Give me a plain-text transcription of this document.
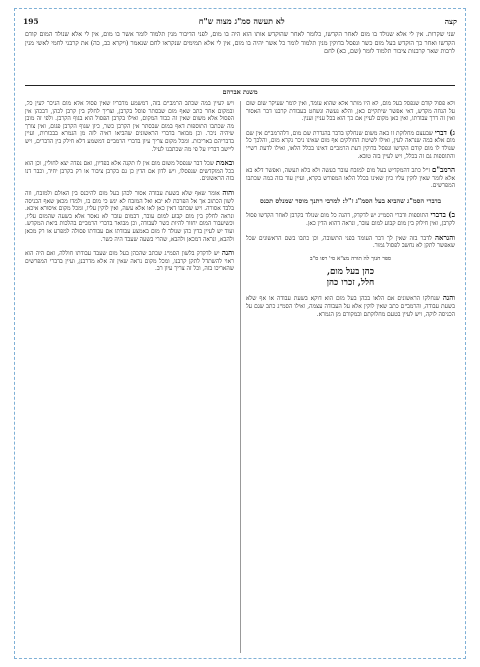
195	לא תעשה סמ"ג מצוה ש"ח	קצה
שני שקרות. אין לי אלא שנולד בו מום לאחר הקדשו, כלומר לאחר שהוקדש אותו הוא היה בו מום, לפני הדיבור מנין תלמוד לומר אשר בו מום, אין לי אלא שנולד המום קודם הקדשו ואחר כך הוקדש בעל מום כשר ונפסל בדוקין מנין תלמוד לומר כל אשר יהיה בו מום, אין לי אלא תמימים שנקראו לחם שנאמר (ויקרא כב, כה) את קרבני לחמי לאשי מנין לרבות שאר קרבנות ציבור תלמוד לומר (שם, כא) לחם
משנת אברהם

ולא פסול קודם שנפסל בעל מום, לא היו מותר אלא שהוא עומד, ואין לומר שעיקר שום שום על הנחה מקדש, דאי אפשר שיתקיים כאן, והלא נעשה ונשחט בעבודת קרבנו דבר האסור ואין זה דרך עבודתו, ואין כאן מקום לעיין אם כך הוא בכל עניין וענין.

ג) דברי שבעצם מחלוקת זו באה משום שנחלקו בדבר בהגדרת שם מום, דלהרמב"ם אין שם מום אלא במה שנראה לעין, ואילו לשיטת החולקים אף מום שאינו ניכר נקרא מום, והלכך כל שנולד לו מום קודם הקדשו ונפסל בדוקין דעת הרמב"ם דאינו בכלל הלאו, ואילו לדעת רש"י והתוספות גם זה בכלל, ויש לעיין בזה טובא.

הרמב"ם ז"ל כתב דהמקדיש בעל מום למזבח עובר בעשה ולא בלא תעשה, ואפשר דלא בא אלא לומר שאין לוקין עליו כיון שאינו בכלל הלאו המפורש בקרא, ועיין עוד בזה במה שכתבו המפרשים.

בדברי הסמ"ג שהביא בעל הסמ"ג ז"ל: למרבי רתנך מוסר שמנלס תכנס

ב) בדברי התוספות ודברי הסמ"ג יש לדקדק, דהנה כל מום שנולד בקרבן לאחר הקדשו פסול לקרבן, ואין חילוק בין מום קבוע למום עובר, ונראה דהוא הדין כאן.

והנראה לדבר בזה שאין לך דבר העומד בפני התשובה, וכן כתבו בשם הראשונים שכל שאפשר לתקן לא נחשב לפסול גמור.

ספר חנוך לה תורה מצ"א סי' רפו ס"ב
כהן בעל מום,
חלל, זכרו כהן

והנה שנחלקו הראשונים אם הלאו בכהן בעל מום הוא דוקא בשעת עבודה או אף שלא בשעת עבודה, והרמב"ם כתב שאין לוקין אלא על העבודה עצמה, ואילו הסמ"ג כתב שגם על הכניסה לוקה, ויש לעיין בטעם מחלוקתם ובמקורם מן הגמרא.

ויש לעיין במה שכתב הרמב"ם בזה, דמשמע מדבריו שאין פסול אלא מום הניכר לעין כל, ובמקום אחר כתב שאף מום שבסתר פוסל בקרבן, וצריך לחלק בין קרבן לכהן, דבכהן אין הפסול אלא משום שאין זה כבוד המקום, ואילו בקרבן הפסול הוא בגוף הקרבן. ולפי זה מובן מה שכתבו התוספות דאף במום שבסתר אין הקרבן כשר, כיון שגוף הקרבן פגום, ואין צורך שיהיה ניכר. וכן מבואר בדברי הראשונים שהביאו ראיה לזה מן הגמרא בבכורות, ועיין בדבריהם באריכות. ומכל מקום צריך עיון בדברי הרמב"ם דמשמע דלא חילק בין הדברים, ויש ליישב דבריו על פי מה שכתבנו לעיל.

ובאמת שכל דבר שנפסל משום מום אין לו תקנה אלא בפדיון, ואם נפדה יצא לחולין, וכן הוא בכל המוקדשים שנפסלו, ויש לדון אם הדין כן גם בקרבן ציבור או רק בקרבן יחיד, וכבר דנו בזה הראשונים.

והוה אומר שאף שלא בשעת עבודה אסור לכהן בעל מום להיכנס בין האולם ולמזבח, וזה לשון הכתוב אך אל הפרכת לא יבא ואל המזבח לא יגש כי מום בו, ולמדו מכאן שאף הכניסה בלבד אסורה. ויש שכתבו דאין כאן לאו אלא עשה, ואין לוקין עליו, ומכל מקום איסורא איכא. ונראה לחלק בין מום קבוע למום עובר, דבמום עובר לא נאסר אלא בשעה שהמום עליו, וכשיעבור המום יחזור להיות כשר לעבודה, וכן מבואר בדברי הרמב"ם בהלכות ביאת המקדש. ועוד יש לעיין בדין כהן שנולד לו מום באמצע עבודתו אם עבודתו פסולה למפרע או רק מכאן ולהבא, ונראה דמכאן ולהבא, שהרי בשעה שעבד היה כשר.

והנה יש לדקדק בלשון הסמ"ג שכתב שהכהן בעל מום שעבד עבודתו חוללה, ואם היה הוא ראוי להשתדל לתקן קרבנו, ומכל מקום נראה שאין זה אלא מדרבנן, ועיין בדברי המפרשים שהאריכו בזה, וכל זה צריך עיון רב.
